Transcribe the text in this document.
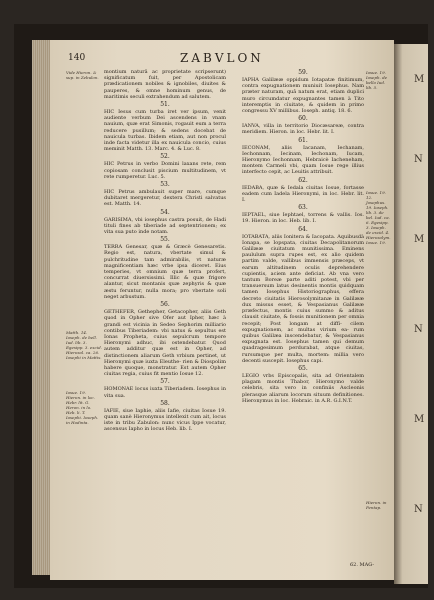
140	ZABVLON
Vide Hieron. & sup. in Zebulon.
Matth. 14. Ioseph. de bell. Iud. lib. 3. Egesipp. 3. excid. Hierosol. ca. 26. Iosephi in Mattis.
Iosue. 19. Hieron. in loc. Hebr. lit. G. Heron. in lo. Heb. li. T. Iosephi. Ioseph. in Hodinta.
montium naturâ ac proprietate scripserunt) significatum fuit, per Apostolicam prædicationem nobiles & ignobiles, diuites & pauperes, & omne hominum genus, de maritimis seculi extrahendum ad salutem.
51.
HIC Iesus cum turba iret ver ipsum, venit audiente verbum Dei ascendens in vnam nauium, quæ erat Simonis, rogauit eum a terra reducere pusillum; & sedens docebat de nauicula turbas. Ibidem etiam, aut non procul inde facta videtur illa ex nauicula concio, cuius meminit Matth. 13. Marc. 4. & Luc. 8.
52.
HIC Petrus in verbo Domini laxans rete, rem copiosam conclusit piscium multitudinem, vt rete rumperetur. Luc. 5.
53.
HIC Petrus ambulauit super mare, cumque dubitaret mergeretur, dextera Christi salvatus est. Matth. 14.
54.
GARISIMA, vbi iosephus castra posuit, de Hadi tituli fines ab tiberiade ad septentrionem; ex vita sua puto inde notam.
55.
TERRA Genesar, quæ & Græcè Genesaretis. Regio est, natura, vbertate simul & pulchritudine tam admirabilis, vt naturæ magnificentiam hæc vrbe ipsa diceret. Eius temperies, vt omnium quæ terra profert, concurrat diuersissimi. Illic & quæ frigore alantur, sicut montanis quæ zephyris & quæ æstu feruntur, nulla mora; pro vbertate soli neget arbustum.
56.
GETHEFER, Gethepher, Getacopher, aliis Geth quod in Opher sive Ofer aut Ipher, hæc à grandi est vicinia in Sedeo Sephorim milliario contibus Tiberiadem: vbi natus & sepultus est Ionas Propheta, cuius sepulcrum tempore Hieronymi adhuc, ibi ostendebatur. Quod autem additur quæ est in Opher, ad distinctionem aliarum Geth vrbium pertinet, ut Hieronymi quæ iuxta Eleuthe- rien & Diospolim habere quoque, monstratur. Est autem Opher ciuitas regia, cuius fit mentio Iosue 12.
57.
HOMONAE locus iuxta Tiberiadem. Iosephus in vita sua.
58.
IAFIE, siue Iaphie, aliis Iafie, ciuitas Iosue 19. quam sanè Hieronymus intellexit cum ait, locus iste in tribu Zabulon: nunc vicus Ippe vocatur, ascensus Iapho in locus Heb. lib. I.
59.
IAPHA Galilææ oppidum Iotapatæ finitimum, contra expugnationem muniuit Iosephus. Nam præter naturam, quâ natum erat, etiam duplici muro circumdatur expugnantes tamen à Tito interemptis in ciuitate, & quidem in primo congressu XV millibus. Ioseph. antiq. 18. 6.
60.
IANVA, villa in territorio Diocæsareæ, contra meridiem. Hieron. in loc. Hebr. lit. I.
61.
IECONAM, aliis Iacanam, Iechanam, Iechonnam, Iecinam, Iechonam, Iucam, Hieronymo Iechonnam, Hebraicè Iacheneham, montem Carmeli vbi, quam Iosue rege illius interfecto cepit, ac Leuitis attribuit.
62.
IEDABA, quæ & Iedala ciuitas Iosue, fortasse eadem cum Iadela Hieronymi, in loc. Hebr. lit. I.
63.
IEPTAEL, siue Iephtael, torrens & vallis. Ios. 19. Hieron. in loc. Heb. lib. I.
64.
IOTABATA, aliis Ionitera & Iacopata. Aquibusdà Ionapa, se Iopspata, ciuitas Decapolitanorum Galilææ ciuitatum munitissima. Eminens paululum supra rupes est, ex alio quidem partim valde, vallibus immensis præceps, vt earum altitudinem oculis deprehendere cupientis, aciem ante deficiat. Ab vna vero tantum Boreæ parte aditi potest, vbi per transuersum latus desinentis montis quidquam tamen Iosephus Historiographus, effera decreto ciuitatis Hierosolymitanæ in Galilææ dux missus esset, & Vespasianus Galilææ præfectus, montis cuius summo & aditus clausit ciuitate, & fossis munitionem per omnia recepit; Post longam at diffi- cilem expugnationem, ac multas virium ea- rum quibus Galilæa inscendebatur, & Vespasianus expugnata est. Iosephus tamen qui demum quadragesimum perdurabat, atque ciuitas, rursumque per multa, mortem: millia vero decenti suscepit. Iosephus capi.
65.
LEGIO vrbs Episcopalis, sita ad Orientalem plagam montis Thabor, Hieronymo valde celebris, sita vero in confiniis Ascleonis plerasque aliarum locorum situum definitiones. Hieronymus in loc. Hebraic. in A.R. G.I.N.T.
Iosue. 19. Ioseph. de bello Iud. lib. 5.
Iosue. 19. 12. Josephus. 19. Ioseph. lib. 3. de bel. Iud. ca. 6. Egesipp. 3. Ioseph. de excid. 4. Hierosolym. Iosue. 19.
Hieron. in Pentap.
62. MAG-
M
N
M
N
M
N
